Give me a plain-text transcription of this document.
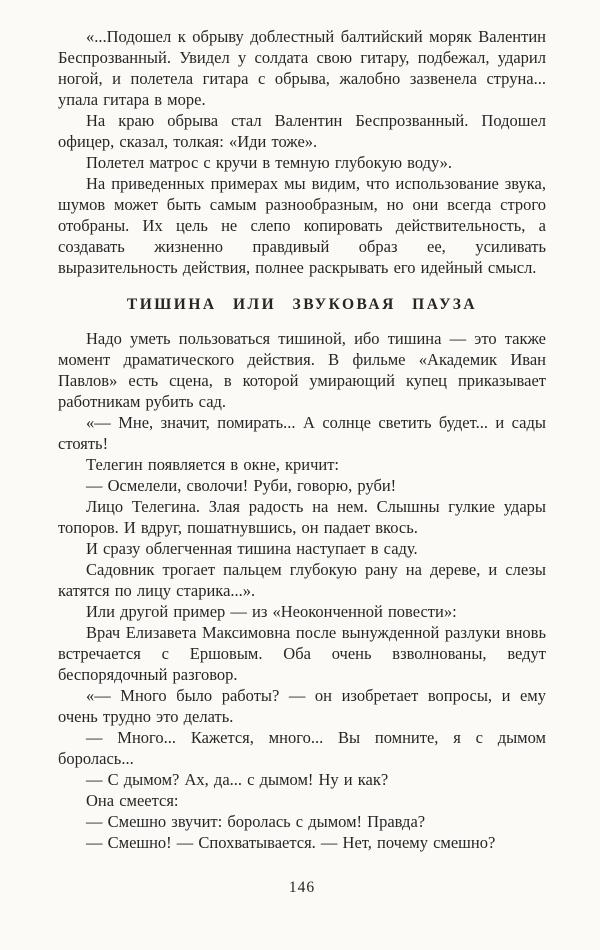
«...Подошел к обрыву доблестный балтийский моряк Валентин Беспрозванный. Увидел у солдата свою гитару, подбежал, ударил ногой, и полетела гитара с обрыва, жалобно зазвенела струна... упала гитара в море.

На краю обрыва стал Валентин Беспрозванный. Подошел офицер, сказал, толкая: «Иди тоже».

Полетел матрос с кручи в темную глубокую воду».

На приведенных примерах мы видим, что использование звука, шумов может быть самым разнообразным, но они всегда строго отобраны. Их цель не слепо копировать действительность, а создавать жизненно правдивый образ ее, усиливать выразительность действия, полнее раскрывать его идейный смысл.

ТИШИНА ИЛИ ЗВУКОВАЯ ПАУЗА

Надо уметь пользоваться тишиной, ибо тишина — это также момент драматического действия. В фильме «Академик Иван Павлов» есть сцена, в которой умирающий купец приказывает работникам рубить сад.

«— Мне, значит, помирать... А солнце светить будет... и сады стоять!

Телегин появляется в окне, кричит:

— Осмелели, сволочи! Руби, говорю, руби!

Лицо Телегина. Злая радость на нем. Слышны гулкие удары топоров. И вдруг, пошатнувшись, он падает вкось.

И сразу облегченная тишина наступает в саду.

Садовник трогает пальцем глубокую рану на дереве, и слезы катятся по лицу старика...».

Или другой пример — из «Неоконченной повести»:

Врач Елизавета Максимовна после вынужденной разлуки вновь встречается с Ершовым. Оба очень взволнованы, ведут беспорядочный разговор.

«— Много было работы? — он изобретает вопросы, и ему очень трудно это делать.

— Много... Кажется, много... Вы помните, я с дымом боролась...

— С дымом? Ах, да... с дымом! Ну и как?

Она смеется:

— Смешно звучит: боролась с дымом! Правда?

— Смешно! — Спохватывается. — Нет, почему смешно?

146
